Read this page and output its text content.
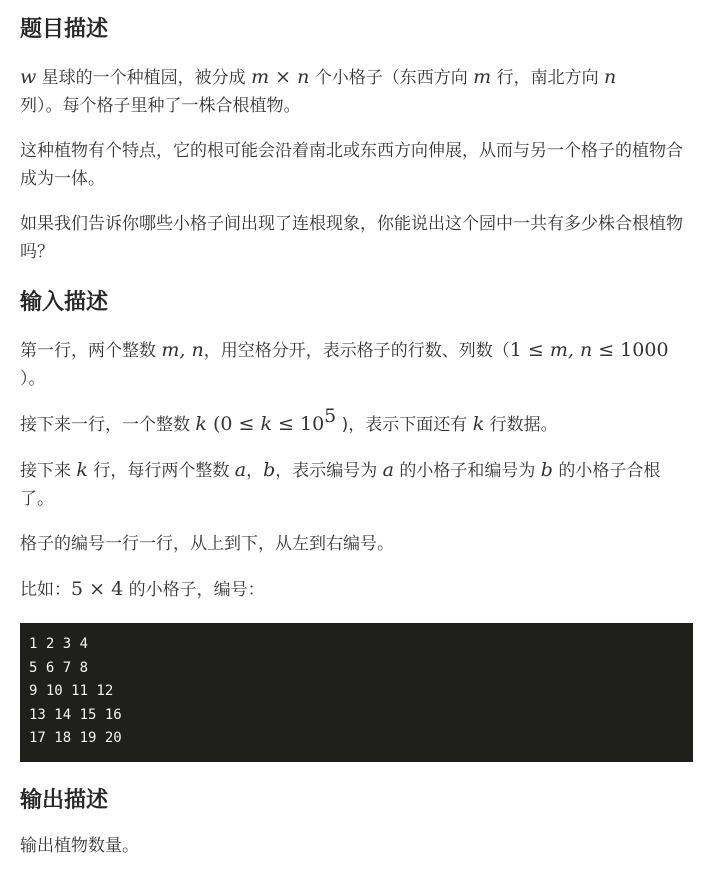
题目描述

w 星球的一个种植园，被分成 m × n 个小格子（东西方向 m 行，南北方向 n
列）。每个格子里种了一株合根植物。

这种植物有个特点，它的根可能会沿着南北或东西方向伸展，从而与另一个格子的植物合成为一体。

如果我们告诉你哪些小格子间出现了连根现象，你能说出这个园中一共有多少株合根植物吗？

输入描述

第一行，两个整数 m, n，用空格分开，表示格子的行数、列数（1 ≤ m, n ≤ 1000
）。

接下来一行，一个整数 k ($0 \le k \le 10^5$ )，表示下面还有 k 行数据。

接下来 k 行，每行两个整数 a，b，表示编号为 a 的小格子和编号为 b 的小格子合根了。

格子的编号一行一行，从上到下，从左到右编号。

比如：5 × 4 的小格子，编号：

1 2 3 4
5 6 7 8
9 10 11 12
13 14 15 16
17 18 19 20
输出描述

输出植物数量。
